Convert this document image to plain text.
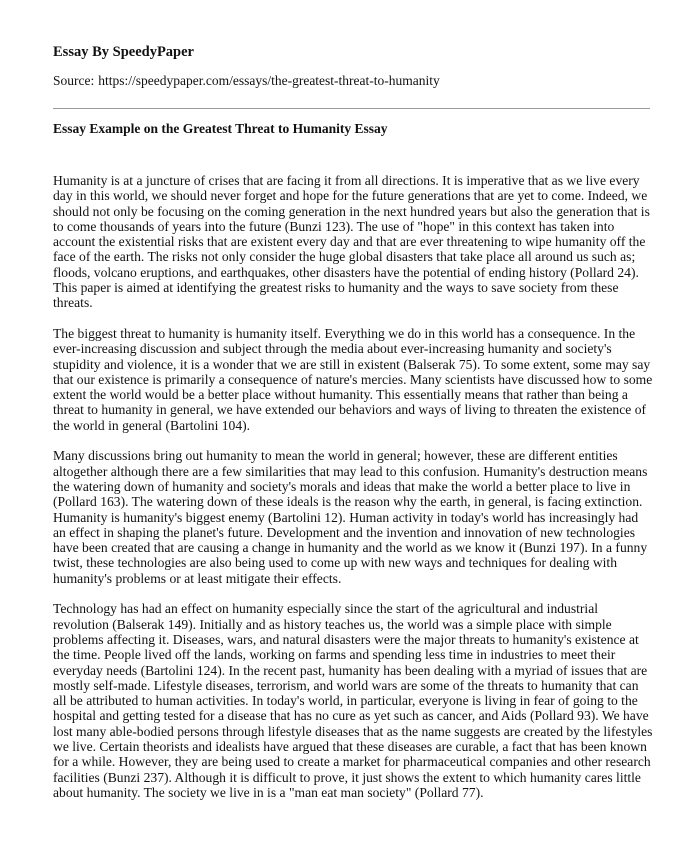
Essay By SpeedyPaper
Source: https://speedypaper.com/essays/the-greatest-threat-to-humanity
Essay Example on the Greatest Threat to Humanity Essay

Humanity is at a juncture of crises that are facing it from all directions. It is imperative that as we live every day in this world, we should never forget and hope for the future generations that are yet to come. Indeed, we should not only be focusing on the coming generation in the next hundred years but also the generation that is to come thousands of years into the future (Bunzi 123). The use of "hope" in this context has taken into account the existential risks that are existent every day and that are ever threatening to wipe humanity off the face of the earth. The risks not only consider the huge global disasters that take place all around us such as; floods, volcano eruptions, and earthquakes, other disasters have the potential of ending history (Pollard 24). This paper is aimed at identifying the greatest risks to humanity and the ways to save society from these threats.

The biggest threat to humanity is humanity itself. Everything we do in this world has a consequence. In the ever-increasing discussion and subject through the media about ever-increasing humanity and society's stupidity and violence, it is a wonder that we are still in existent (Balserak 75). To some extent, some may say that our existence is primarily a consequence of nature's mercies. Many scientists have discussed how to some extent the world would be a better place without humanity. This essentially means that rather than being a threat to humanity in general, we have extended our behaviors and ways of living to threaten the existence of the world in general (Bartolini 104).

Many discussions bring out humanity to mean the world in general; however, these are different entities altogether although there are a few similarities that may lead to this confusion. Humanity's destruction means the watering down of humanity and society's morals and ideas that make the world a better place to live in (Pollard 163). The watering down of these ideals is the reason why the earth, in general, is facing extinction. Humanity is humanity's biggest enemy (Bartolini 12). Human activity in today's world has increasingly had an effect in shaping the planet's future. Development and the invention and innovation of new technologies have been created that are causing a change in humanity and the world as we know it (Bunzi 197). In a funny twist, these technologies are also being used to come up with new ways and techniques for dealing with humanity's problems or at least mitigate their effects.

Technology has had an effect on humanity especially since the start of the agricultural and industrial revolution (Balserak 149). Initially and as history teaches us, the world was a simple place with simple problems affecting it. Diseases, wars, and natural disasters were the major threats to humanity's existence at the time. People lived off the lands, working on farms and spending less time in industries to meet their everyday needs (Bartolini 124). In the recent past, humanity has been dealing with a myriad of issues that are mostly self-made. Lifestyle diseases, terrorism, and world wars are some of the threats to humanity that can all be attributed to human activities. In today's world, in particular, everyone is living in fear of going to the hospital and getting tested for a disease that has no cure as yet such as cancer, and Aids (Pollard 93). We have lost many able-bodied persons through lifestyle diseases that as the name suggests are created by the lifestyles we live. Certain theorists and idealists have argued that these diseases are curable, a fact that has been known for a while. However, they are being used to create a market for pharmaceutical companies and other research facilities (Bunzi 237). Although it is difficult to prove, it just shows the extent to which humanity cares little about humanity. The society we live in is a "man eat man society" (Pollard 77).
